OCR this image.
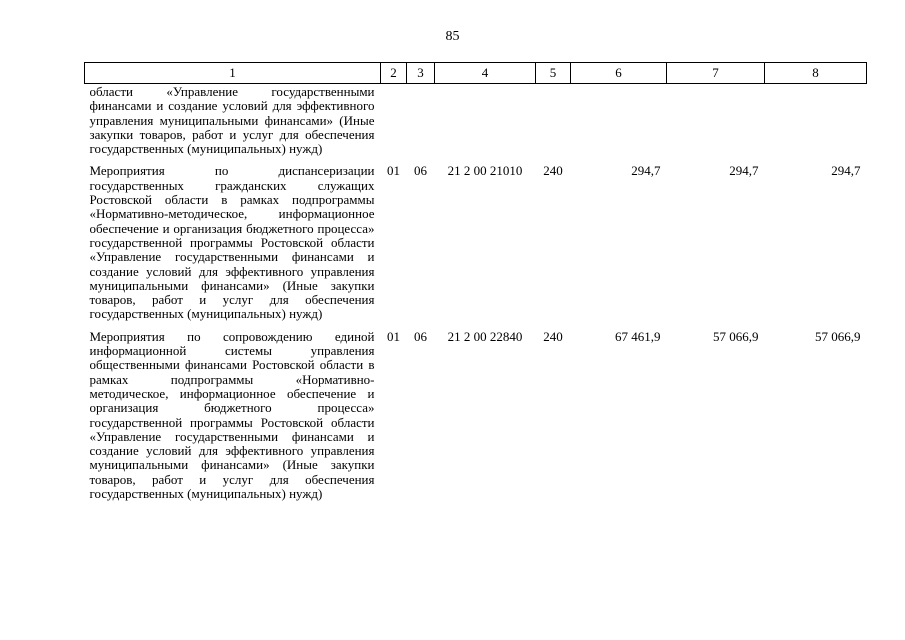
85
1	2	3	4	5	6	7	8
области «Управление государственными финансами и создание условий для эффективного управления муниципальными финансами» (Иные закупки товаров, работ и услуг для обеспечения государственных (муниципальных) нужд)							
Мероприятия по диспансеризации государственных гражданских служащих Ростовской области в рамках подпрограммы «Нормативно-методическое, информационное обеспечение и организация бюджетного процесса» государственной программы Ростовской области «Управление государственными финансами и создание условий для эффективного управления муниципальными финансами» (Иные закупки товаров, работ и услуг для обеспечения государственных (муниципальных) нужд)	01	06	21 2 00 21010	240	294,7	294,7	294,7
Мероприятия по сопровождению единой информационной системы управления общественными финансами Ростовской области в рамках подпрограммы «Нормативно-методическое, информационное обеспечение и организация бюджетного процесса» государственной программы Ростовской области «Управление государственными финансами и создание условий для эффективного управления муниципальными финансами» (Иные закупки товаров, работ и услуг для обеспечения государственных (муниципальных) нужд)	01	06	21 2 00 22840	240	67 461,9	57 066,9	57 066,9
